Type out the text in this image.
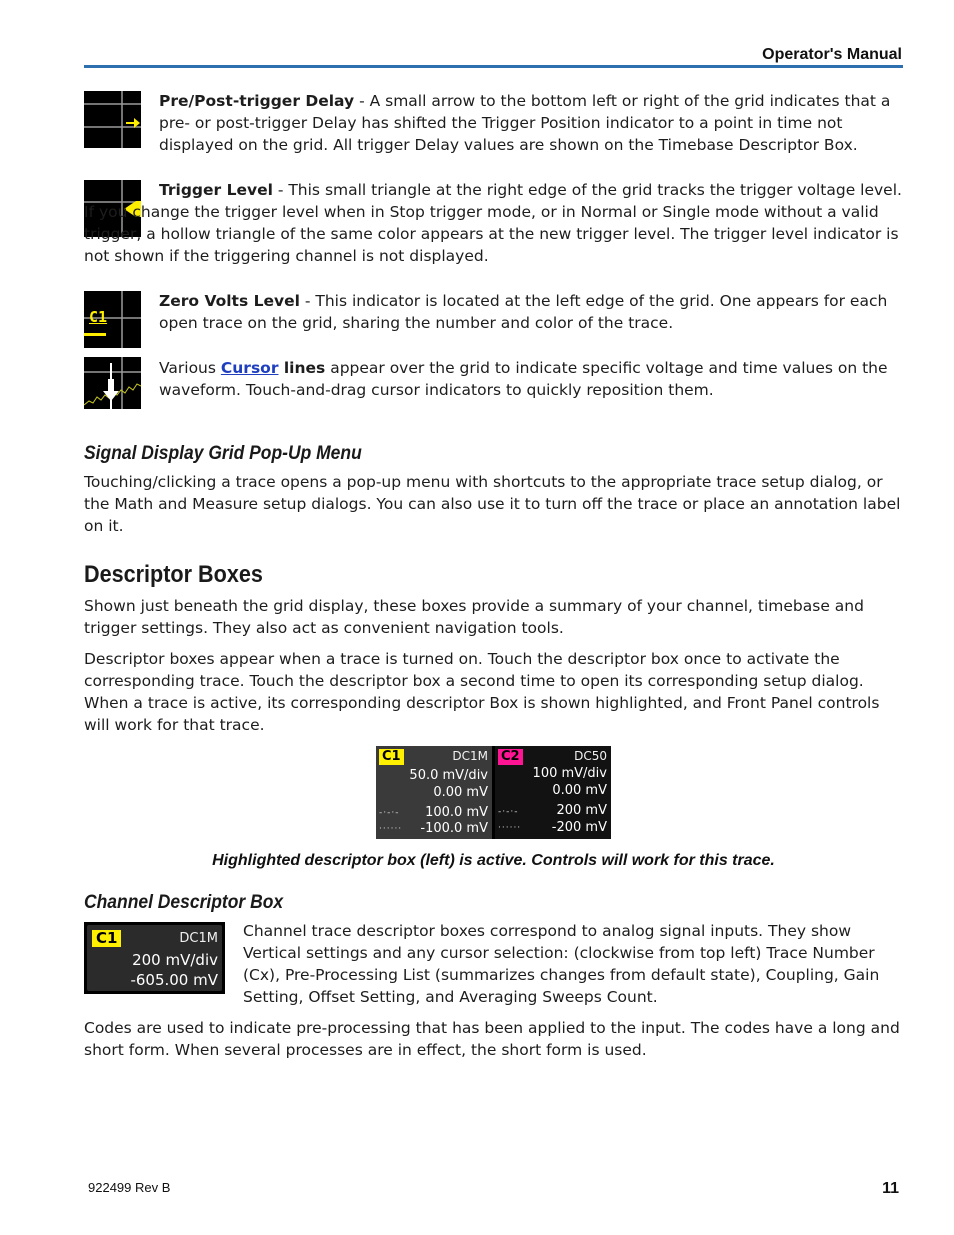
Operator's Manual
Pre/Post-trigger Delay - A small arrow to the bottom left or right of the grid indicates that a pre- or post-trigger Delay has shifted the Trigger Position indicator to a point in time not displayed on the grid. All trigger Delay values are shown on the Timebase Descriptor Box.
Trigger Level - This small triangle at the right edge of the grid tracks the trigger voltage level. If you change the trigger level when in Stop trigger mode, or in Normal or Single mode without a valid trigger, a hollow triangle of the same color appears at the new trigger level. The trigger level indicator is not shown if the triggering channel is not displayed.
C1
Zero Volts Level - This indicator is located at the left edge of the grid. One appears for each open trace on the grid, sharing the number and color of the trace.
Various Cursor lines appear over the grid to indicate specific voltage and time values on the waveform. Touch-and-drag cursor indicators to quickly reposition them.
Signal Display Grid Pop-Up Menu
Touching/clicking a trace opens a pop-up menu with shortcuts to the appropriate trace setup dialog, or the Math and Measure setup dialogs. You can also use it to turn off the trace or place an annotation label on it.
Descriptor Boxes
Shown just beneath the grid display, these boxes provide a summary of your channel, timebase and trigger settings. They also act as convenient navigation tools.
Descriptor boxes appear when a trace is turned on. Touch the descriptor box once to activate the corresponding trace. Touch the descriptor box a second time to open its corresponding setup dialog. When a trace is active, its corresponding descriptor Box is shown highlighted, and Front Panel controls will work for that trace.
C1	DC1M
50.0 mV/div
0.00 mV
-·-·- 100.0 mV
······ -100.0 mV
C2	DC50
100 mV/div
0.00 mV
-·-·-	200 mV
······ -200 mV
Highlighted descriptor box (left) is active. Controls will work for this trace.
Channel Descriptor Box
C1	DC1M
200 mV/div
-605.00 mV
Channel trace descriptor boxes correspond to analog signal inputs. They show Vertical settings and any cursor selection: (clockwise from top left) Trace Number (Cx), Pre-Processing List (summarizes changes from default state), Coupling, Gain Setting, Offset Setting, and Averaging Sweeps Count.
Codes are used to indicate pre-processing that has been applied to the input. The codes have a long and short form. When several processes are in effect, the short form is used.
922499 Rev B	11
